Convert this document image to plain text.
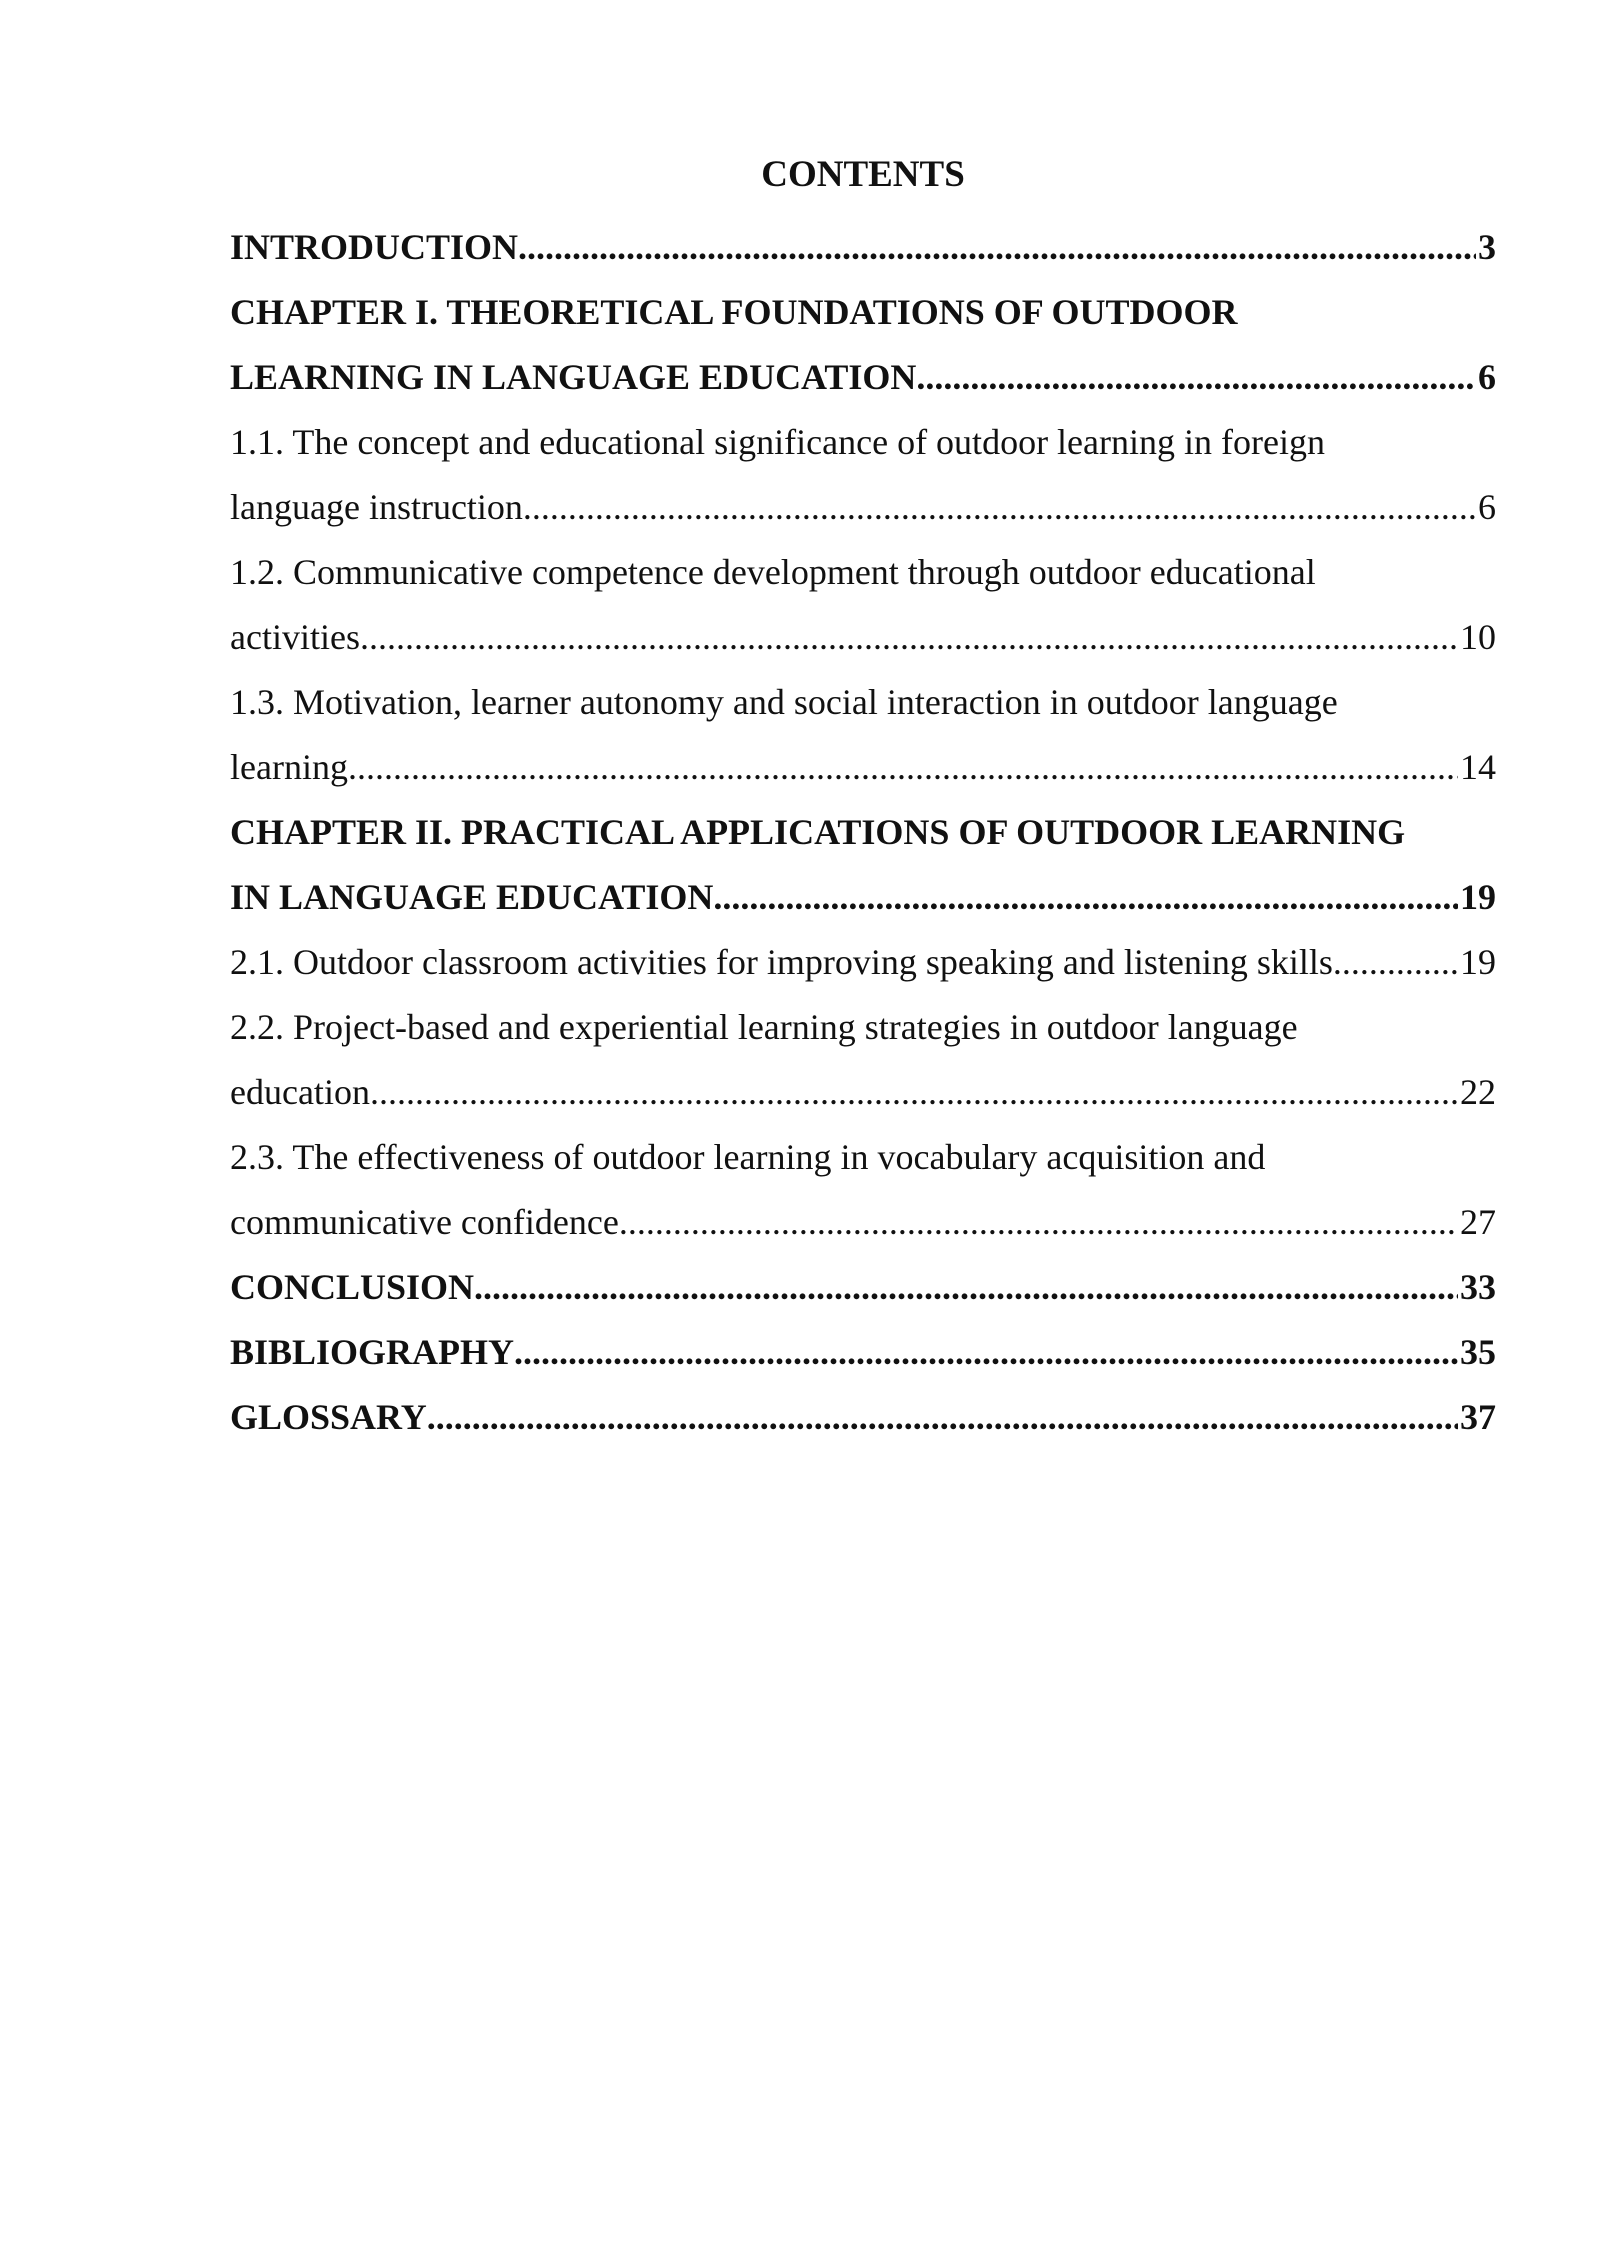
CONTENTS
INTRODUCTION .....	3
CHAPTER I. THEORETICAL FOUNDATIONS OF OUTDOOR
LEARNING IN LANGUAGE EDUCATION .....	6
1.1. The concept and educational significance of outdoor learning in foreign
language instruction .....	6
1.2. Communicative competence development through outdoor educational
activities .....	10
1.3. Motivation, learner autonomy and social interaction in outdoor language
learning .....	14
CHAPTER II. PRACTICAL APPLICATIONS OF OUTDOOR LEARNING
IN LANGUAGE EDUCATION .....	19
2.1. Outdoor classroom activities for improving speaking and listening skills .....	19
2.2. Project-based and experiential learning strategies in outdoor language
education .....	22
2.3. The effectiveness of outdoor learning in vocabulary acquisition and
communicative confidence .....	27
CONCLUSION .....	33
BIBLIOGRAPHY .....	35
GLOSSARY .....	37
